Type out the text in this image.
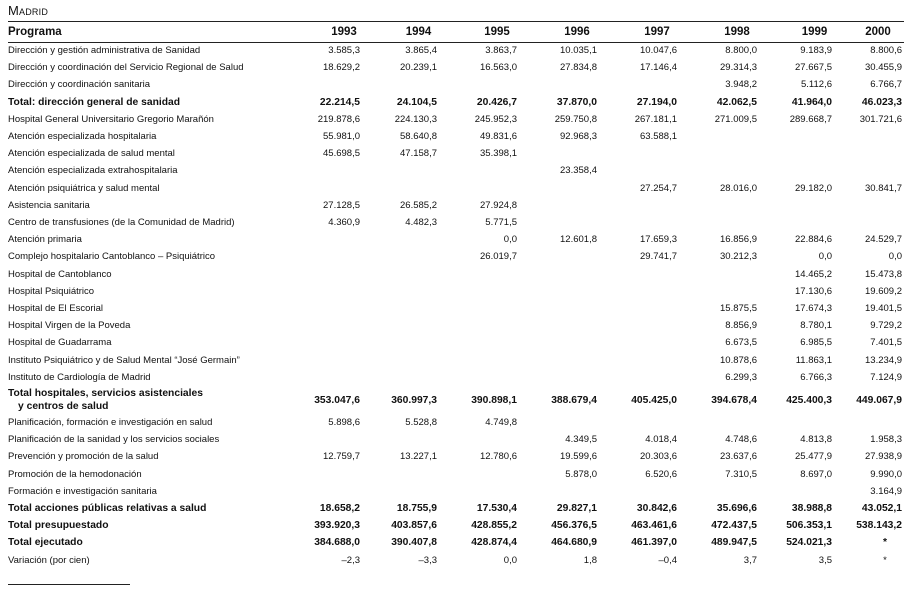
Madrid
Programa	1993	1994	1995	1996	1997	1998	1999	2000
Dirección y gestión administrativa de Sanidad	3.585,3	3.865,4	3.863,7	10.035,1	10.047,6	8.800,0	9.183,9	8.800,6
Dirección y coordinación del Servicio Regional de Salud	18.629,2	20.239,1	16.563,0	27.834,8	17.146,4	29.314,3	27.667,5	30.455,9
Dirección y coordinación sanitaria						3.948,2	5.112,6	6.766,7
Total: dirección general de sanidad	22.214,5	24.104,5	20.426,7	37.870,0	27.194,0	42.062,5	41.964,0	46.023,3
Hospital General Universitario Gregorio Marañón	219.878,6	224.130,3	245.952,3	259.750,8	267.181,1	271.009,5	289.668,7	301.721,6
Atención especializada hospitalaria	55.981,0	58.640,8	49.831,6	92.968,3	63.588,1			
Atención especializada de salud mental	45.698,5	47.158,7	35.398,1					
Atención especializada extrahospitalaria				23.358,4				
Atención psiquiátrica y salud mental					27.254,7	28.016,0	29.182,0	30.841,7
Asistencia sanitaria	27.128,5	26.585,2	27.924,8					
Centro de transfusiones (de la Comunidad de Madrid)	4.360,9	4.482,3	5.771,5					
Atención primaria			0,0	12.601,8	17.659,3	16.856,9	22.884,6	24.529,7
Complejo hospitalario Cantoblanco – Psiquiátrico			26.019,7		29.741,7	30.212,3	0,0	0,0
Hospital de Cantoblanco							14.465,2	15.473,8
Hospital Psiquiátrico							17.130,6	19.609,2
Hospital de El Escorial						15.875,5	17.674,3	19.401,5
Hospital Virgen de la Poveda						8.856,9	8.780,1	9.729,2
Hospital de Guadarrama						6.673,5	6.985,5	7.401,5
Instituto Psiquiátrico y de Salud Mental “José Germain”						10.878,6	11.863,1	13.234,9
Instituto de Cardiología de Madrid						6.299,3	6.766,3	7.124,9
Total hospitales, servicios asistenciales
y centros de salud	353.047,6	360.997,3	390.898,1	388.679,4	405.425,0	394.678,4	425.400,3	449.067,9
Planificación, formación e investigación en salud	5.898,6	5.528,8	4.749,8					
Planificación de la sanidad y los servicios sociales				4.349,5	4.018,4	4.748,6	4.813,8	1.958,3
Prevención y promoción de la salud	12.759,7	13.227,1	12.780,6	19.599,6	20.303,6	23.637,6	25.477,9	27.938,9
Promoción de la hemodonación				5.878,0	6.520,6	7.310,5	8.697,0	9.990,0
Formación e investigación sanitaria								3.164,9
Total acciones públicas relativas a salud	18.658,2	18.755,9	17.530,4	29.827,1	30.842,6	35.696,6	38.988,8	43.052,1
Total presupuestado	393.920,3	403.857,6	428.855,2	456.376,5	463.461,6	472.437,5	506.353,1	538.143,2
Total ejecutado	384.688,0	390.407,8	428.874,4	464.680,9	461.397,0	489.947,5	524.021,3	*
Variación (por cien)	–2,3	–3,3	0,0	1,8	–0,4	3,7	3,5	*
